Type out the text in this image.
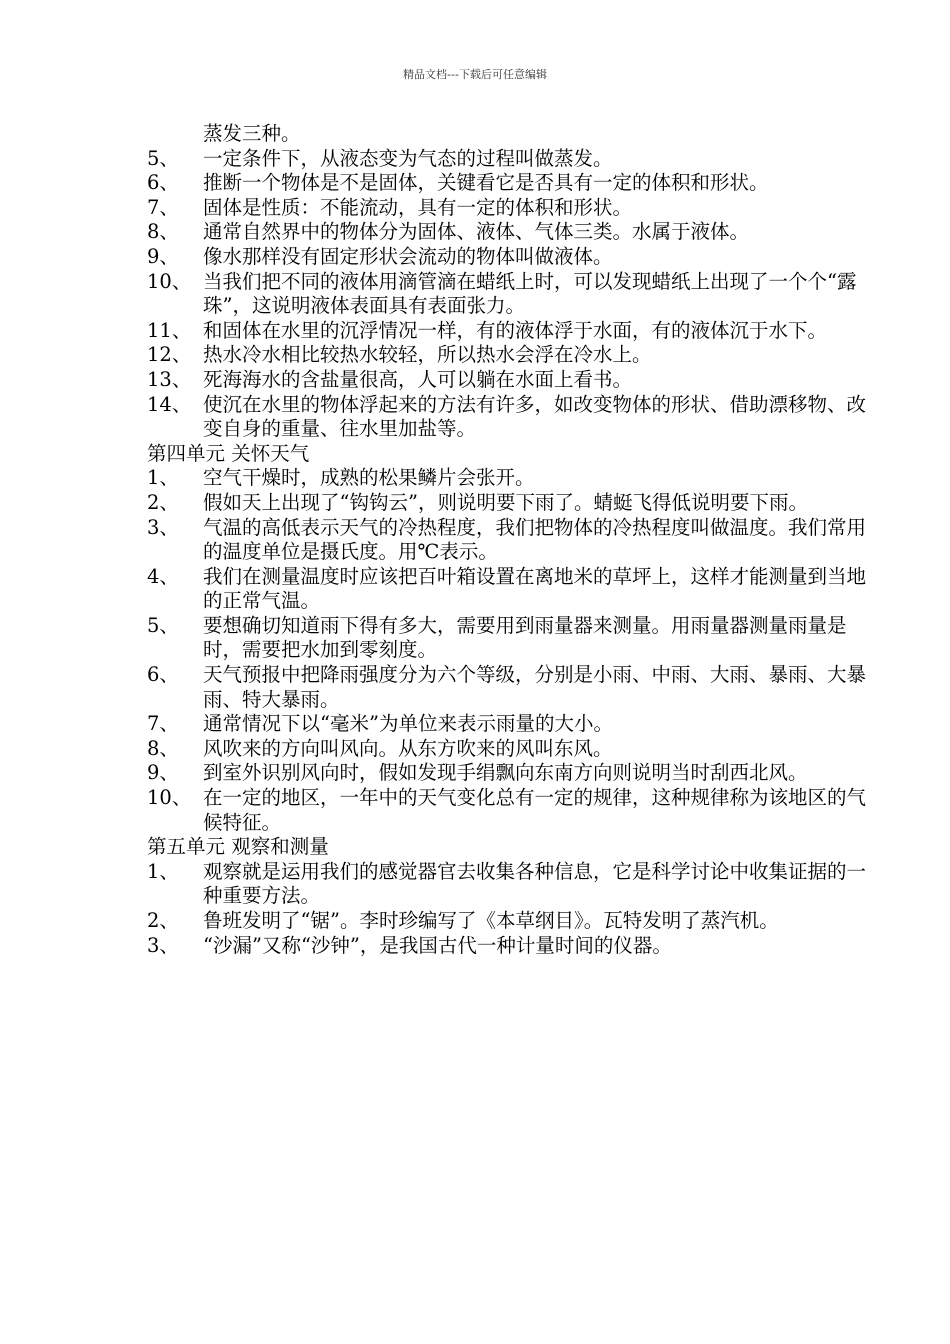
精品文档---下载后可任意编辑
蒸发三种。
5、	一定条件下，从液态变为气态的过程叫做蒸发。
6、	推断一个物体是不是固体，关键看它是否具有一定的体积和形状。
7、	固体是性质：不能流动，具有一定的体积和形状。
8、	通常自然界中的物体分为固体、液体、气体三类。水属于液体。
9、	像水那样没有固定形状会流动的物体叫做液体。
10、 当我们把不同的液体用滴管滴在蜡纸上时，可以发现蜡纸上出现了一个个“露珠”，这说明液体表面具有表面张力。
11、 和固体在水里的沉浮情况一样，有的液体浮于水面，有的液体沉于水下。
12、 热水冷水相比较热水较轻，所以热水会浮在冷水上。
13、 死海海水的含盐量很高，人可以躺在水面上看书。
14、 使沉在水里的物体浮起来的方法有许多，如改变物体的形状、借助漂移物、改变自身的重量、往水里加盐等。
第四单元 关怀天气
1、	空气干燥时，成熟的松果鳞片会张开。
2、	假如天上出现了“钩钩云”，则说明要下雨了。蜻蜓飞得低说明要下雨。
3、	气温的高低表示天气的冷热程度，我们把物体的冷热程度叫做温度。我们常用的温度单位是摄氏度。用℃表示。
4、	我们在测量温度时应该把百叶箱设置在离地米的草坪上，这样才能测量到当地的正常气温。
5、	要想确切知道雨下得有多大，需要用到雨量器来测量。用雨量器测量雨量是时，需要把水加到零刻度。
6、	天气预报中把降雨强度分为六个等级，分别是小雨、中雨、大雨、暴雨、大暴雨、特大暴雨。
7、	通常情况下以“毫米”为单位来表示雨量的大小。
8、	风吹来的方向叫风向。从东方吹来的风叫东风。
9、	到室外识别风向时，假如发现手绢飘向东南方向则说明当时刮西北风。
10、 在一定的地区，一年中的天气变化总有一定的规律，这种规律称为该地区的气候特征。
第五单元 观察和测量
1、	观察就是运用我们的感觉器官去收集各种信息，它是科学讨论中收集证据的一种重要方法。
2、	鲁班发明了“锯”。李时珍编写了《本草纲目》。瓦特发明了蒸汽机。
3、	“沙漏”又称“沙钟”，是我国古代一种计量时间的仪器。
